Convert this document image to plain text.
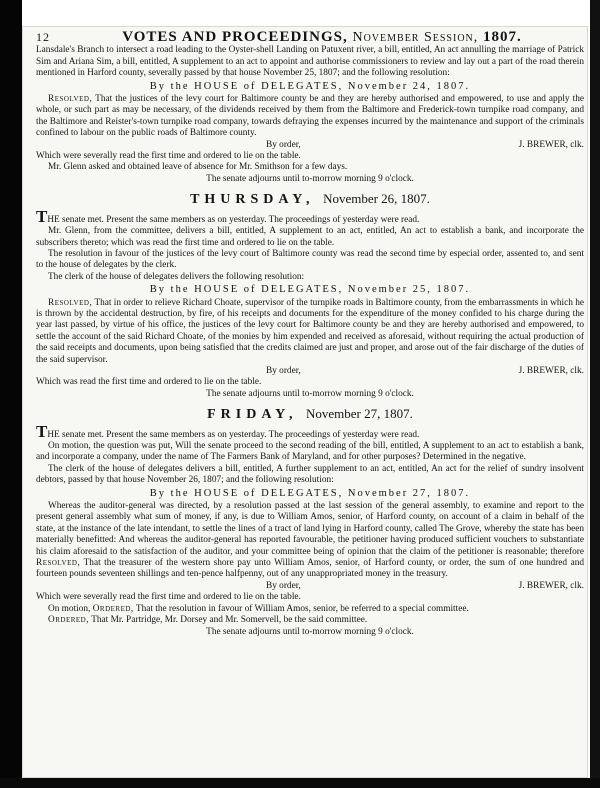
12	VOTES AND PROCEEDINGS, November Session, 1807.

Lansdale's Branch to intersect a road leading to the Oyster-shell Landing on Patuxent river, a bill, entitled, An act annulling the marriage of Patrick Sim and Ariana Sim, a bill, entitled, A supplement to an act to appoint and authorise commissioners to review and lay out a part of the road therein mentioned in Harford county, severally passed by that house November 25, 1807; and the following resolution:

By the HOUSE of DELEGATES, November 24, 1807.

Resolved, That the justices of the levy court for Baltimore county be and they are hereby authorised and empowered, to use and apply the whole, or such part as may be necessary, of the dividends received by them from the Baltimore and Frederick-town turnpike road company, and the Baltimore and Reister's-town turnpike road company, towards defraying the expenses incurred by the maintenance and support of the criminals confined to labour on the public roads of Baltimore county.

By order,	J. BREWER, clk.

Which were severally read the first time and ordered to lie on the table.

Mr. Glenn asked and obtained leave of absence for Mr. Smithson for a few days.

The senate adjourns until to-morrow morning 9 o'clock.

THURSDAY, November 26, 1807.

THE senate met. Present the same members as on yesterday. The proceedings of yesterday were read.

Mr. Glenn, from the committee, delivers a bill, entitled, A supplement to an act, entitled, An act to establish a bank, and incorporate the subscribers thereto; which was read the first time and ordered to lie on the table.

The resolution in favour of the justices of the levy court of Baltimore county was read the second time by especial order, assented to, and sent to the house of delegates by the clerk.

The clerk of the house of delegates delivers the following resolution:

By the HOUSE of DELEGATES, November 25, 1807.

Resolved, That in order to relieve Richard Choate, supervisor of the turnpike roads in Baltimore county, from the embarrassments in which he is thrown by the accidental destruction, by fire, of his receipts and documents for the expenditure of the money confided to his charge during the year last passed, by virtue of his office, the justices of the levy court for Baltimore county be and they are hereby authorised and empowered, to settle the account of the said Richard Choate, of the monies by him expended and received as aforesaid, without requiring the actual production of the said receipts and documents, upon being satisfied that the credits claimed are just and proper, and arose out of the fair discharge of the duties of the said supervisor.

By order,	J. BREWER, clk.

Which was read the first time and ordered to lie on the table.

The senate adjourns until to-morrow morning 9 o'clock.

FRIDAY, November 27, 1807.

THE senate met. Present the same members as on yesterday. The proceedings of yesterday were read.

On motion, the question was put, Will the senate proceed to the second reading of the bill, entitled, A supplement to an act to establish a bank, and incorporate a company, under the name of The Farmers Bank of Maryland, and for other purposes? Determined in the negative.

The clerk of the house of delegates delivers a bill, entitled, A further supplement to an act, entitled, An act for the relief of sundry insolvent debtors, passed by that house November 26, 1807; and the following resolution:

By the HOUSE of DELEGATES, November 27, 1807.

Whereas the auditor-general was directed, by a resolution passed at the last session of the general assembly, to examine and report to the present general assembly what sum of money, if any, is due to William Amos, senior, of Harford county, on account of a claim in behalf of the state, at the instance of the late intendant, to settle the lines of a tract of land lying in Harford county, called The Grove, whereby the state has been materially benefitted: And whereas the auditor-general has reported favourable, the petitioner having produced sufficient vouchers to substantiate his claim aforesaid to the satisfaction of the auditor, and your committee being of opinion that the claim of the petitioner is reasonable; therefore Resolved, That the treasurer of the western shore pay unto William Amos, senior, of Harford county, or order, the sum of one hundred and fourteen pounds seventeen shillings and ten-pence halfpenny, out of any unappropriated money in the treasury.

By order,	J. BREWER, clk.

Which were severally read the first time and ordered to lie on the table.

On motion, Ordered, That the resolution in favour of William Amos, senior, be referred to a special committee.

Ordered, That Mr. Partridge, Mr. Dorsey and Mr. Somervell, be the said committee.

The senate adjourns until to-morrow morning 9 o'clock.
